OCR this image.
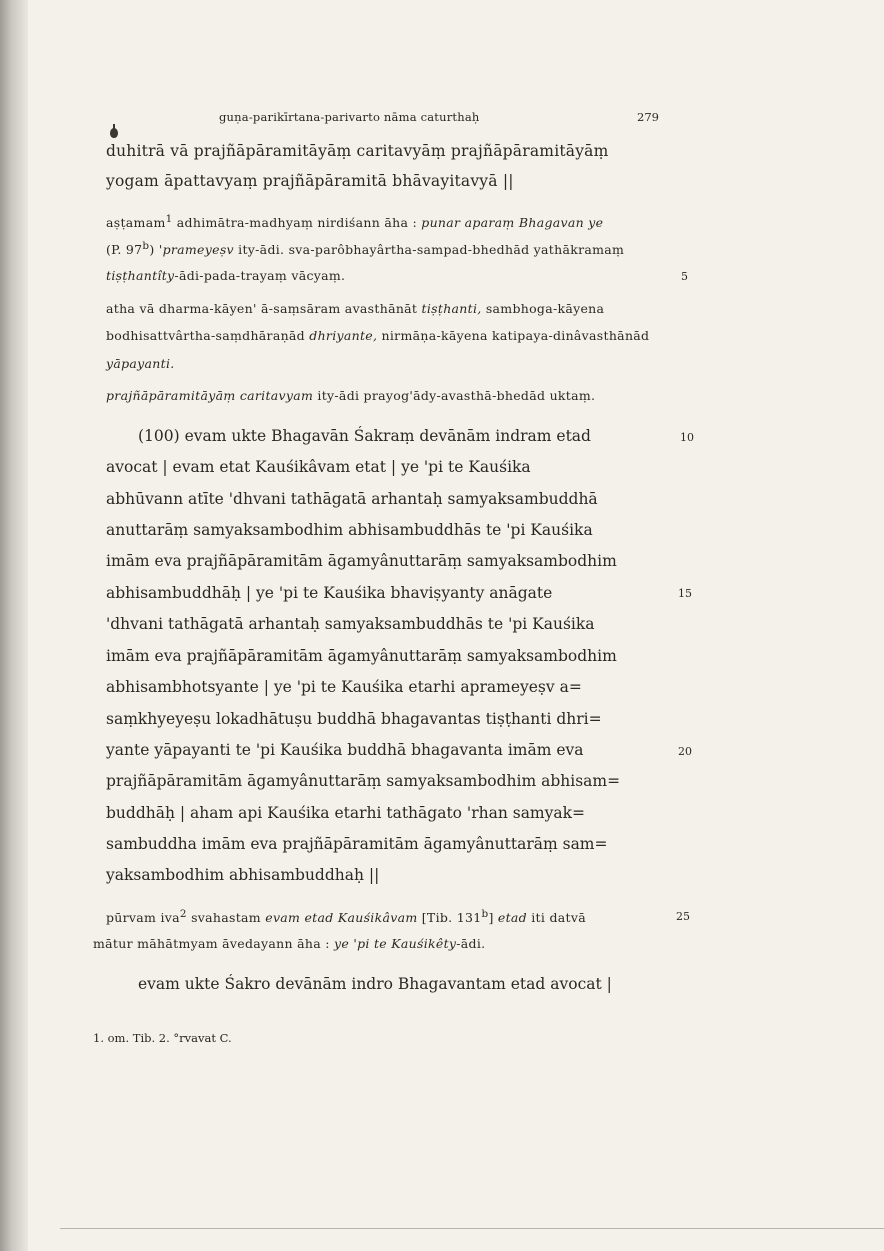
guṇa-parikīrtana-parivarto nāma caturthaḥ	279
duhitrā vā prajñāpāramitāyāṃ caritavyāṃ prajñāpāramitāyāṃ
yogam āpattavyaṃ prajñāpāramitā bhāvayitavyā ||
aṣṭamam$^1$ adhimātra-madhyaṃ nirdiśann āha : punar aparaṃ Bhagavan ye
(P. 97$^b$) 'prameyeṣv ity-ādi. sva-parôbhayârtha-sampad-bhedhād yathākramaṃ
tiṣṭhantîty-ādi-pada-trayaṃ vācyaṃ.	5
atha vā dharma-kāyen' ā-saṃsāram avasthānāt tiṣṭhanti, sambhoga-kāyena
bodhisattvârtha-saṃdhāraṇād dhriyante, nirmāṇa-kāyena katipaya-dinâvasthānād
yāpayanti.
prajñāpāramitāyāṃ caritavyam ity-ādi prayog'ādy-avasthā-bhedād uktaṃ.
(100) evam ukte Bhagavān Śakraṃ devānām indram etad	10
avocat | evam etat Kauśikâvam etat | ye 'pi te Kauśika
abhūvann atīte 'dhvani tathāgatā arhantaḥ samyaksambuddhā
anuttarāṃ samyaksambodhim abhisambuddhās te 'pi Kauśika
imām eva prajñāpāramitām āgamyânuttarāṃ samyaksambodhim
abhisambuddhāḥ | ye 'pi te Kauśika bhaviṣyanty anāgate	15
'dhvani tathāgatā arhantaḥ samyaksambuddhās te 'pi Kauśika
imām eva prajñāpāramitām āgamyânuttarāṃ samyaksambodhim
abhisambhotsyante | ye 'pi te Kauśika etarhi aprameyeṣv a=
saṃkhyeyeṣu lokadhātuṣu buddhā bhagavantas tiṣṭhanti dhri=
yante yāpayanti te 'pi Kauśika buddhā bhagavanta imām eva	20
prajñāpāramitām āgamyânuttarāṃ samyaksambodhim abhisam=
buddhāḥ | aham api Kauśika etarhi tathāgato 'rhan samyak=
sambuddha imām eva prajñāpāramitām āgamyânuttarāṃ sam=
yaksambodhim abhisambuddhaḥ ||
pūrvam iva$^2$ svahastam evam etad Kauśikâvam [Tib. 131$^b$] etad iti datvā	25
mātur māhātmyam āvedayann āha : ye 'pi te Kauśikêty-ādi.
evam ukte Śakro devānām indro Bhagavantam etad avocat |
1. om. Tib. 2. °rvavat C.
